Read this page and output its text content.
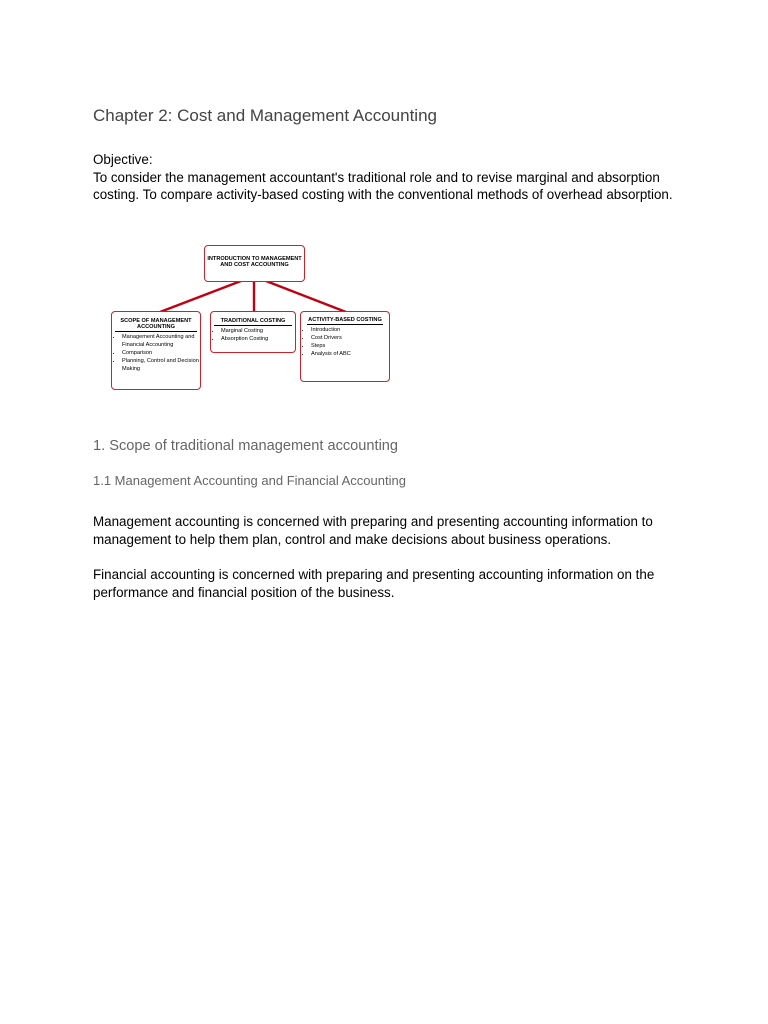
Chapter 2: Cost and Management Accounting

Objective:

To consider the management accountant's traditional role and to revise marginal and absorption costing. To compare activity-based costing with the conventional methods of overhead absorption.

INTRODUCTION TO MANAGEMENT AND COST ACCOUNTING
SCOPE OF MANAGEMENT ACCOUNTING
• Management Accounting and Financial Accounting
• Comparison
• Planning, Control and Decision Making
TRADITIONAL COSTING
• Marginal Costing
• Absorption Costing
ACTIVITY-BASED COSTING
• Introduction
• Cost Drivers
• Steps
• Analysis of ABC
1. Scope of traditional management accounting
1.1 Management Accounting and Financial Accounting

Management accounting is concerned with preparing and presenting accounting information to management to help them plan, control and make decisions about business operations.

Financial accounting is concerned with preparing and presenting accounting information on the performance and financial position of the business.
